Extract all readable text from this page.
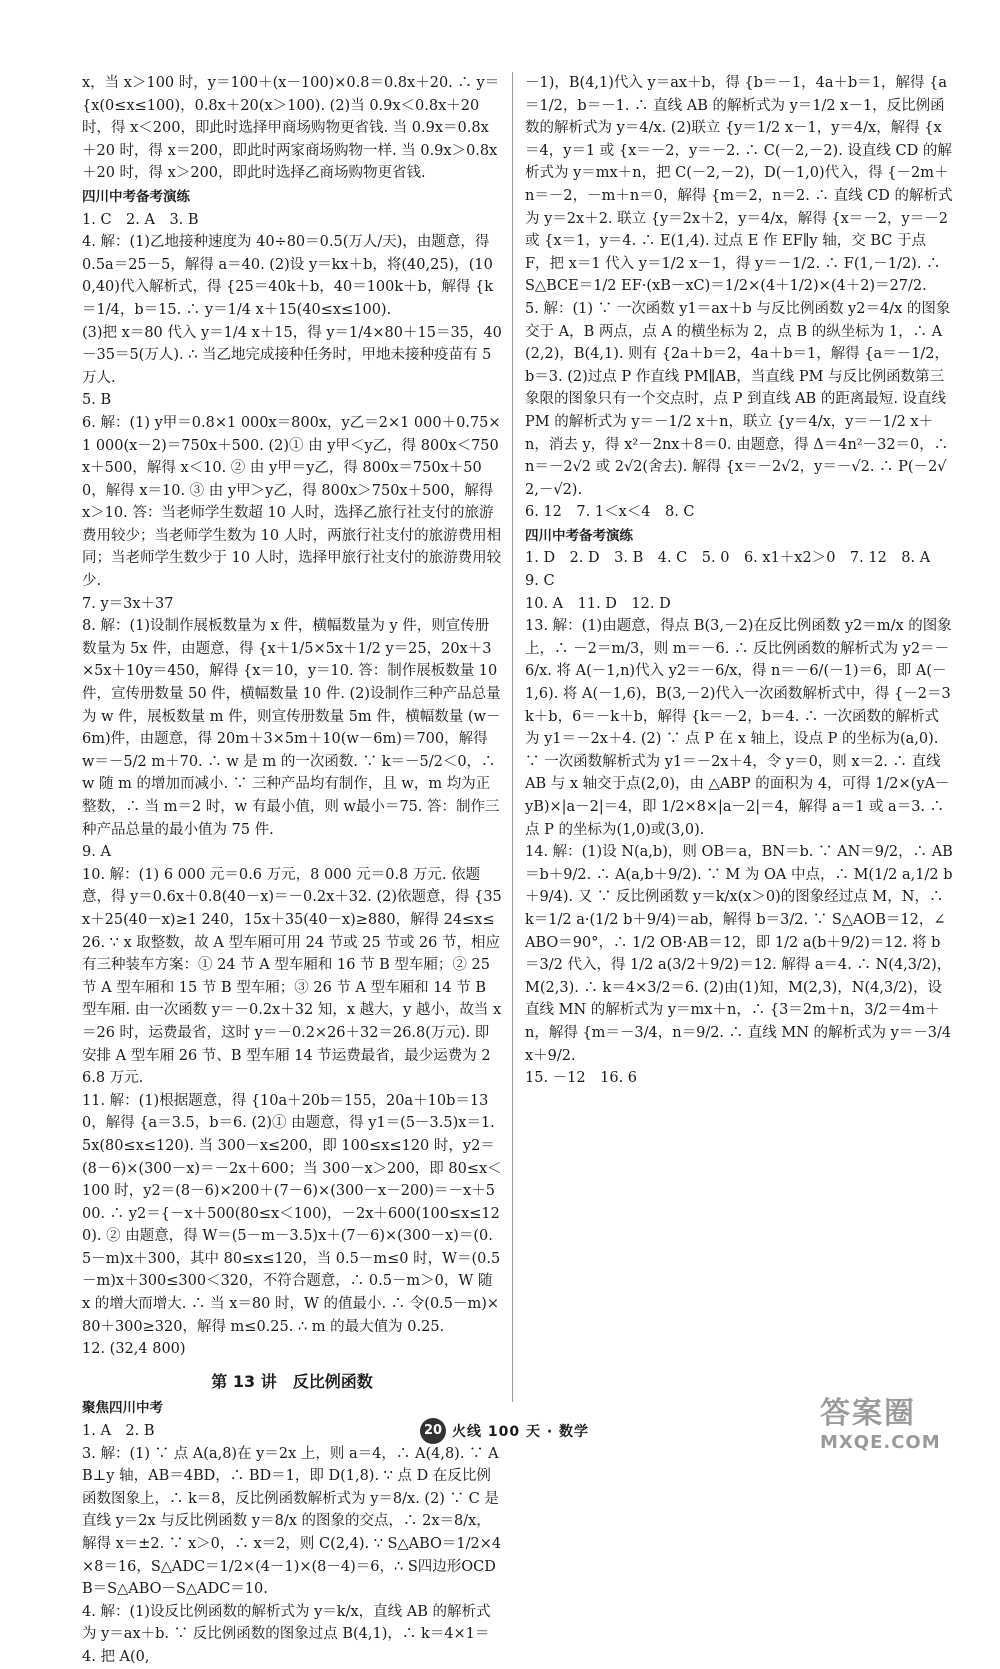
x，当 x＞100 时，y＝100＋(x－100)×0.8＝0.8x＋20. ∴ y＝ {x(0≤x≤100)，0.8x＋20(x＞100). (2)当 0.9x＜0.8x＋20 时，得 x＜200，即此时选择甲商场购物更省钱. 当 0.9x＝0.8x＋20 时，得 x＝200，即此时两家商场购物一样. 当 0.9x＞0.8x＋20 时，得 x＞200，即此时选择乙商场购物更省钱.
四川中考备考演练
1. C　2. A　3. B
4. 解：(1)乙地接种速度为 40÷80＝0.5(万人/天)，由题意，得 0.5a＝25－5，解得 a＝40. (2)设 y＝kx＋b，将(40,25)，(100,40)代入解析式，得 {25＝40k＋b，40＝100k＋b，解得 {k＝1/4，b＝15. ∴ y＝1/4 x＋15(40≤x≤100).
(3)把 x＝80 代入 y＝1/4 x＋15，得 y＝1/4×80＋15＝35，40－35＝5(万人). ∴ 当乙地完成接种任务时，甲地未接种疫苗有 5 万人.
5. B
6. 解：(1) y甲＝0.8×1 000x＝800x，y乙＝2×1 000＋0.75×1 000(x－2)＝750x＋500. (2)① 由 y甲＜y乙，得 800x＜750x＋500，解得 x＜10. ② 由 y甲＝y乙，得 800x＝750x＋500，解得 x＝10. ③ 由 y甲＞y乙，得 800x＞750x＋500，解得 x＞10. 答：当老师学生数超 10 人时，选择乙旅行社支付的旅游费用较少；当老师学生数为 10 人时，两旅行社支付的旅游费用相同；当老师学生数少于 10 人时，选择甲旅行社支付的旅游费用较少.
7. y＝3x＋37
8. 解：(1)设制作展板数量为 x 件，横幅数量为 y 件，则宣传册数量为 5x 件，由题意，得 {x＋1/5×5x＋1/2 y＝25，20x＋3×5x＋10y＝450，解得 {x＝10，y＝10. 答：制作展板数量 10 件，宣传册数量 50 件，横幅数量 10 件. (2)设制作三种产品总量为 w 件，展板数量 m 件，则宣传册数量 5m 件，横幅数量 (w－6m)件，由题意，得 20m＋3×5m＋10(w－6m)＝700，解得 w＝－5/2 m＋70. ∴ w 是 m 的一次函数. ∵ k＝－5/2＜0，∴ w 随 m 的增加而减小. ∵ 三种产品均有制作，且 w，m 均为正整数，∴ 当 m＝2 时，w 有最小值，则 w最小＝75. 答：制作三种产品总量的最小值为 75 件.
9. A
10. 解：(1) 6 000 元＝0.6 万元，8 000 元＝0.8 万元. 依题意，得 y＝0.6x＋0.8(40－x)＝－0.2x＋32. (2)依题意，得 {35x＋25(40－x)≥1 240，15x＋35(40－x)≥880，解得 24≤x≤26. ∵ x 取整数，故 A 型车厢可用 24 节或 25 节或 26 节，相应有三种装车方案：① 24 节 A 型车厢和 16 节 B 型车厢；② 25 节 A 型车厢和 15 节 B 型车厢；③ 26 节 A 型车厢和 14 节 B 型车厢. 由一次函数 y＝－0.2x＋32 知，x 越大，y 越小，故当 x＝26 时，运费最省，这时 y＝－0.2×26＋32＝26.8(万元). 即安排 A 型车厢 26 节、B 型车厢 14 节运费最省，最少运费为 26.8 万元.
11. 解：(1)根据题意，得 {10a＋20b＝155，20a＋10b＝130，解得 {a＝3.5，b＝6. (2)① 由题意，得 y1＝(5－3.5)x＝1.5x(80≤x≤120). 当 300－x≤200，即 100≤x≤120 时，y2＝(8－6)×(300－x)＝－2x＋600；当 300－x＞200，即 80≤x＜100 时，y2＝(8－6)×200＋(7－6)×(300－x－200)＝－x＋500. ∴ y2＝{－x＋500(80≤x＜100)，－2x＋600(100≤x≤120). ② 由题意，得 W＝(5－m－3.5)x＋(7－6)×(300－x)＝(0.5－m)x＋300，其中 80≤x≤120，当 0.5－m≤0 时，W＝(0.5－m)x＋300≤300＜320，不符合题意，∴ 0.5－m＞0，W 随 x 的增大而增大. ∴ 当 x＝80 时，W 的值最小. ∴ 令(0.5－m)×80＋300≥320，解得 m≤0.25. ∴ m 的最大值为 0.25.
12. (32,4 800)
第 13 讲　反比例函数
聚焦四川中考
1. A　2. B
3. 解：(1) ∵ 点 A(a,8)在 y＝2x 上，则 a＝4，∴ A(4,8). ∵ AB⊥y 轴，AB＝4BD，∴ BD＝1，即 D(1,8). ∵ 点 D 在反比例函数图象上，∴ k＝8，反比例函数解析式为 y＝8/x. (2) ∵ C 是直线 y＝2x 与反比例函数 y＝8/x 的图象的交点，∴ 2x＝8/x，解得 x＝±2. ∵ x＞0，∴ x＝2，则 C(2,4). ∵ S△ABO＝1/2×4×8＝16，S△ADC＝1/2×(4－1)×(8－4)＝6，∴ S四边形OCDB＝S△ABO－S△ADC＝10.
4. 解：(1)设反比例函数的解析式为 y＝k/x，直线 AB 的解析式为 y＝ax＋b. ∵ 反比例函数的图象过点 B(4,1)，∴ k＝4×1＝4. 把 A(0,
－1)，B(4,1)代入 y＝ax＋b，得 {b＝－1，4a＋b＝1，解得 {a＝1/2，b＝－1. ∴ 直线 AB 的解析式为 y＝1/2 x－1，反比例函数的解析式为 y＝4/x. (2)联立 {y＝1/2 x－1，y＝4/x，解得 {x＝4，y＝1 或 {x＝－2，y＝－2. ∴ C(－2,－2). 设直线 CD 的解析式为 y＝mx＋n，把 C(－2,－2)，D(－1,0)代入，得 {－2m＋n＝－2，－m＋n＝0，解得 {m＝2，n＝2. ∴ 直线 CD 的解析式为 y＝2x＋2. 联立 {y＝2x＋2，y＝4/x，解得 {x＝－2，y＝－2 或 {x＝1，y＝4. ∴ E(1,4). 过点 E 作 EF∥y 轴，交 BC 于点 F，把 x＝1 代入 y＝1/2 x－1，得 y＝－1/2. ∴ F(1,－1/2). ∴ S△BCE＝1/2 EF·(xB－xC)＝1/2×(4＋1/2)×(4＋2)＝27/2.
5. 解：(1) ∵ 一次函数 y1＝ax＋b 与反比例函数 y2＝4/x 的图象交于 A，B 两点，点 A 的横坐标为 2，点 B 的纵坐标为 1，∴ A(2,2)，B(4,1). 则有 {2a＋b＝2，4a＋b＝1，解得 {a＝－1/2，b＝3. (2)过点 P 作直线 PM∥AB，当直线 PM 与反比例函数第三象限的图象只有一个交点时，点 P 到直线 AB 的距离最短. 设直线 PM 的解析式为 y＝－1/2 x＋n，联立 {y＝4/x，y＝－1/2 x＋n，消去 y，得 x²－2nx＋8＝0. 由题意，得 Δ＝4n²－32＝0，∴ n＝－2√2 或 2√2(舍去). 解得 {x＝－2√2，y＝－√2. ∴ P(－2√2,－√2).
6. 12　7. 1＜x＜4　8. C
四川中考备考演练
1. D　2. D　3. B　4. C　5. 0　6. x1＋x2＞0　7. 12　8. A　9. C
10. A　11. D　12. D
13. 解：(1)由题意，得点 B(3,－2)在反比例函数 y2＝m/x 的图象上，∴ －2＝m/3，则 m＝－6. ∴ 反比例函数的解析式为 y2＝－6/x. 将 A(－1,n)代入 y2＝－6/x，得 n＝－6/(－1)＝6，即 A(－1,6). 将 A(－1,6)，B(3,－2)代入一次函数解析式中，得 {－2＝3k＋b，6＝－k＋b，解得 {k＝－2，b＝4. ∴ 一次函数的解析式为 y1＝－2x＋4. (2) ∵ 点 P 在 x 轴上，设点 P 的坐标为(a,0). ∵ 一次函数解析式为 y1＝－2x＋4，令 y＝0，则 x＝2. ∴ 直线 AB 与 x 轴交于点(2,0)，由 △ABP 的面积为 4，可得 1/2×(yA－yB)×|a－2|＝4，即 1/2×8×|a－2|＝4，解得 a＝1 或 a＝3. ∴ 点 P 的坐标为(1,0)或(3,0).
14. 解：(1)设 N(a,b)，则 OB＝a，BN＝b. ∵ AN＝9/2，∴ AB＝b＋9/2. ∴ A(a,b＋9/2). ∵ M 为 OA 中点，∴ M(1/2 a,1/2 b＋9/4). 又 ∵ 反比例函数 y＝k/x(x＞0)的图象经过点 M，N，∴ k＝1/2 a·(1/2 b＋9/4)＝ab，解得 b＝3/2. ∵ S△AOB＝12，∠ABO＝90°，∴ 1/2 OB·AB＝12，即 1/2 a(b＋9/2)＝12. 将 b＝3/2 代入，得 1/2 a(3/2＋9/2)＝12. 解得 a＝4. ∴ N(4,3/2)，M(2,3). ∴ k＝4×3/2＝6. (2)由(1)知，M(2,3)，N(4,3/2)，设直线 MN 的解析式为 y＝mx＋n，∴ {3＝2m＋n，3/2＝4m＋n，解得 {m＝－3/4，n＝9/2. ∴ 直线 MN 的解析式为 y＝－3/4 x＋9/2.
15. －12　16. 6
20 火线 100 天 · 数学
答案圈
MXQE.COM
